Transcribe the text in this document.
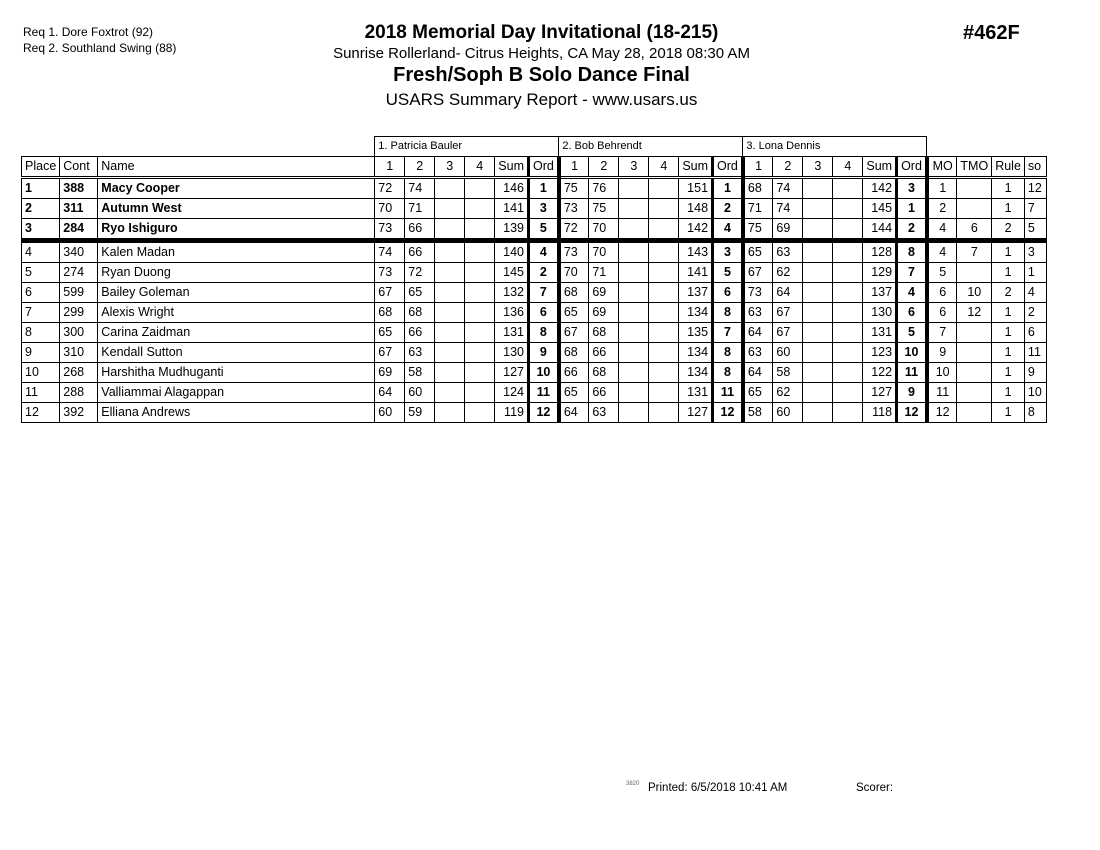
Req 1. Dore Foxtrot (92)
Req 2. Southland Swing (88)
2018 Memorial Day Invitational (18-215)
Sunrise Rollerland- Citrus Heights, CA May 28, 2018 08:30 AM
Fresh/Soph B Solo Dance Final
USARS Summary Report - www.usars.us
#462F
			1. Patricia Bauler						2. Bob Behrendt						3. Lona Dennis									
Place	Cont	Name	1	2	3	4	Sum	Ord	1	2	3	4	Sum	Ord	1	2	3	4	Sum	Ord	MO	TMO	Rule	so
1	388	Macy Cooper	72	74			146	1	75	76			151	1	68	74			142	3	1		1	12
2	311	Autumn West	70	71			141	3	73	75			148	2	71	74			145	1	2		1	7
3	284	Ryo Ishiguro	73	66			139	5	72	70			142	4	75	69			144	2	4	6	2	5
4	340	Kalen Madan	74	66			140	4	73	70			143	3	65	63			128	8	4	7	1	3
5	274	Ryan Duong	73	72			145	2	70	71			141	5	67	62			129	7	5		1	1
6	599	Bailey Goleman	67	65			132	7	68	69			137	6	73	64			137	4	6	10	2	4
7	299	Alexis Wright	68	68			136	6	65	69			134	8	63	67			130	6	6	12	1	2
8	300	Carina Zaidman	65	66			131	8	67	68			135	7	64	67			131	5	7		1	6
9	310	Kendall Sutton	67	63			130	9	68	66			134	8	63	60			123	10	9		1	11
10	268	Harshitha Mudhuganti	69	58			127	10	66	68			134	8	64	58			122	11	10		1	9
11	288	Valliammai Alagappan	64	60			124	11	65	66			131	11	65	62			127	9	11		1	10
12	392	Elliana Andrews	60	59			119	12	64	63			127	12	58	60			118	12	12		1	8
3820 Printed: 6/5/2018 10:41 AM	Scorer:
